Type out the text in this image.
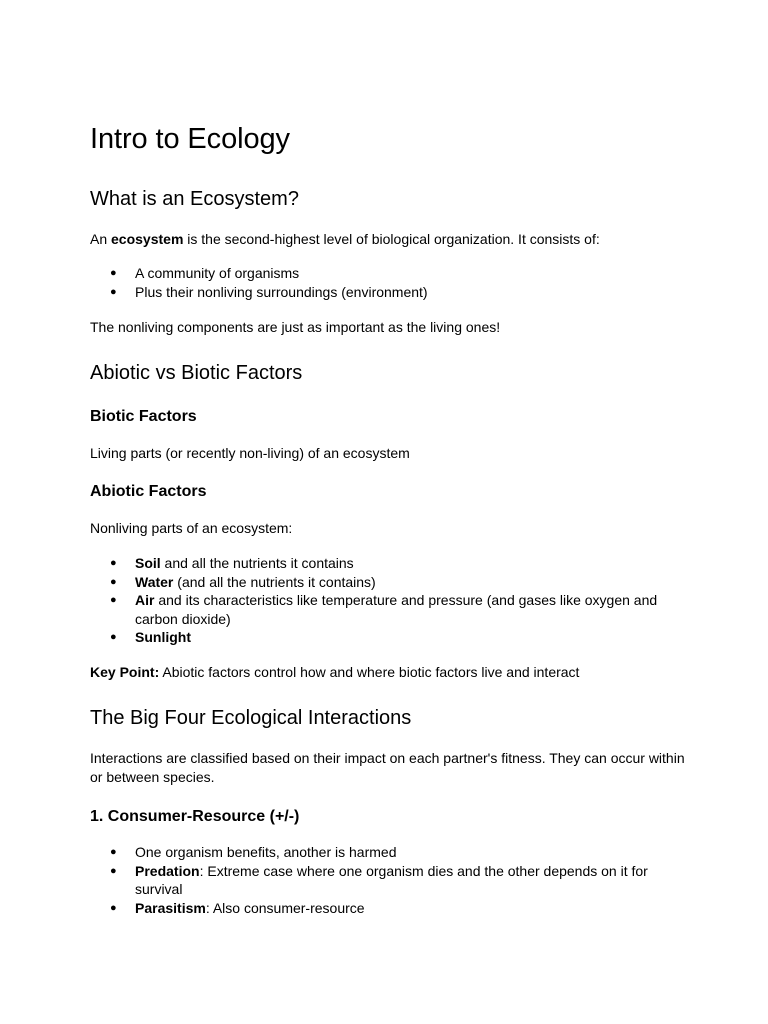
Intro to Ecology
What is an Ecosystem?

An ecosystem is the second-highest level of biological organization. It consists of:

● A community of organisms
● Plus their nonliving surroundings (environment)

The nonliving components are just as important as the living ones!

Abiotic vs Biotic Factors
Biotic Factors

Living parts (or recently non-living) of an ecosystem

Abiotic Factors

Nonliving parts of an ecosystem:

● Soil and all the nutrients it contains
● Water (and all the nutrients it contains)
● Air and its characteristics like temperature and pressure (and gases like oxygen and carbon dioxide)
● Sunlight

Key Point: Abiotic factors control how and where biotic factors live and interact

The Big Four Ecological Interactions

Interactions are classified based on their impact on each partner's fitness. They can occur within or between species.

1. Consumer-Resource (+/-)
● One organism benefits, another is harmed
● Predation: Extreme case where one organism dies and the other depends on it for survival
● Parasitism: Also consumer-resource
